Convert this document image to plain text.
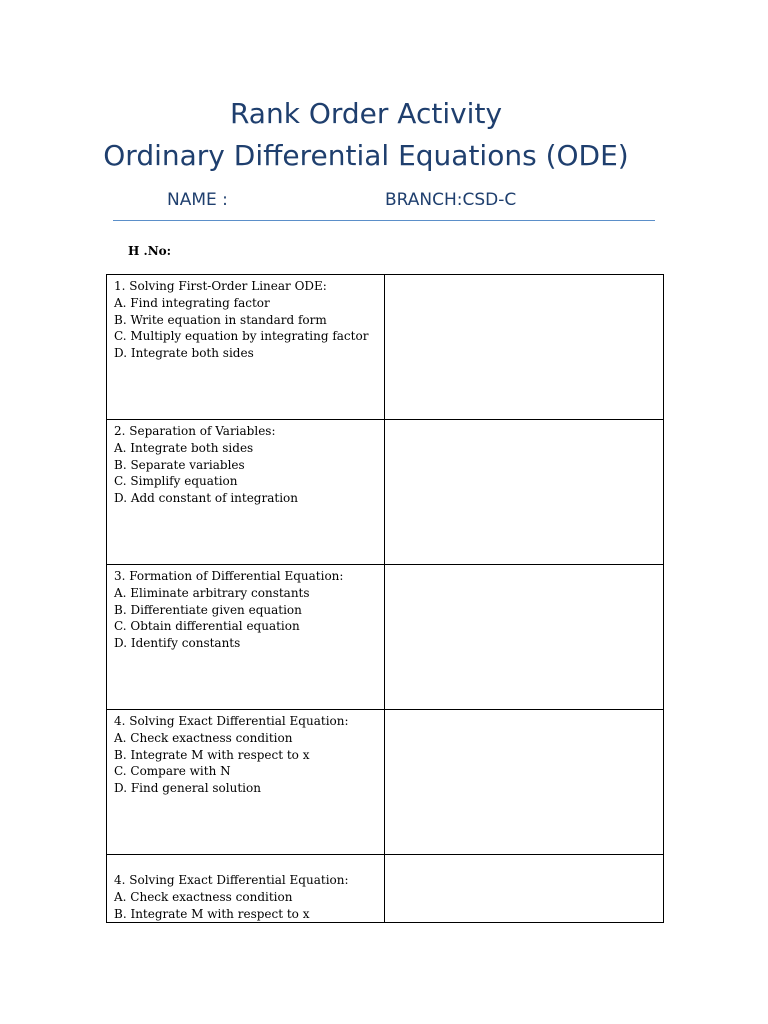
Rank Order Activity
Ordinary Differential Equations (ODE)
NAME :	BRANCH:CSD-C
H .No:
1. Solving First-Order Linear ODE:
A. Find integrating factor
B. Write equation in standard form
C. Multiply equation by integrating factor
D. Integrate both sides	

2. Separation of Variables:
A. Integrate both sides
B. Separate variables
C. Simplify equation
D. Add constant of integration	

3. Formation of Differential Equation:
A. Eliminate arbitrary constants
B. Differentiate given equation
C. Obtain differential equation
D. Identify constants	

4. Solving Exact Differential Equation:
A. Check exactness condition
B. Integrate M with respect to x
C. Compare with N
D. Find general solution	

4. Solving Exact Differential Equation:
A. Check exactness condition
B. Integrate M with respect to x	
